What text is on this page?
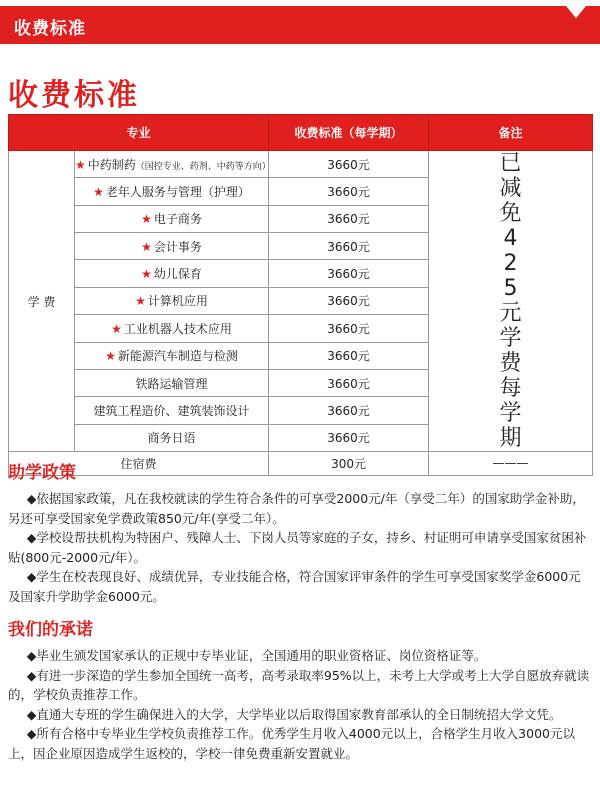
收费标准
收费标准
专业		收费标准（每学期）	备注
学 费	★ 中药制药（国控专业、药剂、中药等方向）	3660元	已减免425元学费每学期

	★ 老年人服务与管理（护理）	3660元	
	★ 电子商务	3660元	
	★ 会计事务	3660元	
	★ 幼儿保育	3660元	
	★ 计算机应用	3660元	
	★ 工业机器人技术应用	3660元	
	★ 新能源汽车制造与检测	3660元	
	铁路运输管理	3660元	
	建筑工程造价、建筑装饰设计	3660元	
	商务日语	3660元	
住宿费		300元	———
助学政策

◆依据国家政策，凡在我校就读的学生符合条件的可享受2000元/年（享受二年）的国家助学金补助，另还可享受国家免学费政策850元/年(享受二年）。

◆学校设帮扶机构为特困户、残障人士、下岗人员等家庭的子女，持乡、村证明可申请享受国家贫困补贴(800元-2000元/年）。

◆学生在校表现良好、成绩优异，专业技能合格，符合国家评审条件的学生可享受国家奖学金6000元及国家升学助学金6000元。

我们的承诺

◆毕业生颁发国家承认的正规中专毕业证，全国通用的职业资格证、岗位资格证等。

◆有进一步深造的学生参加全国统一高考，高考录取率95%以上，未考上大学或考上大学自愿放弃就读的，学校负责推荐工作。

◆直通大专班的学生确保进入的大学，大学毕业以后取得国家教育部承认的全日制统招大学文凭。

◆所有合格中专毕业生学校负责推荐工作。优秀学生月收入4000元以上，合格学生月收入3000元以上，因企业原因造成学生返校的，学校一律免费重新安置就业。
